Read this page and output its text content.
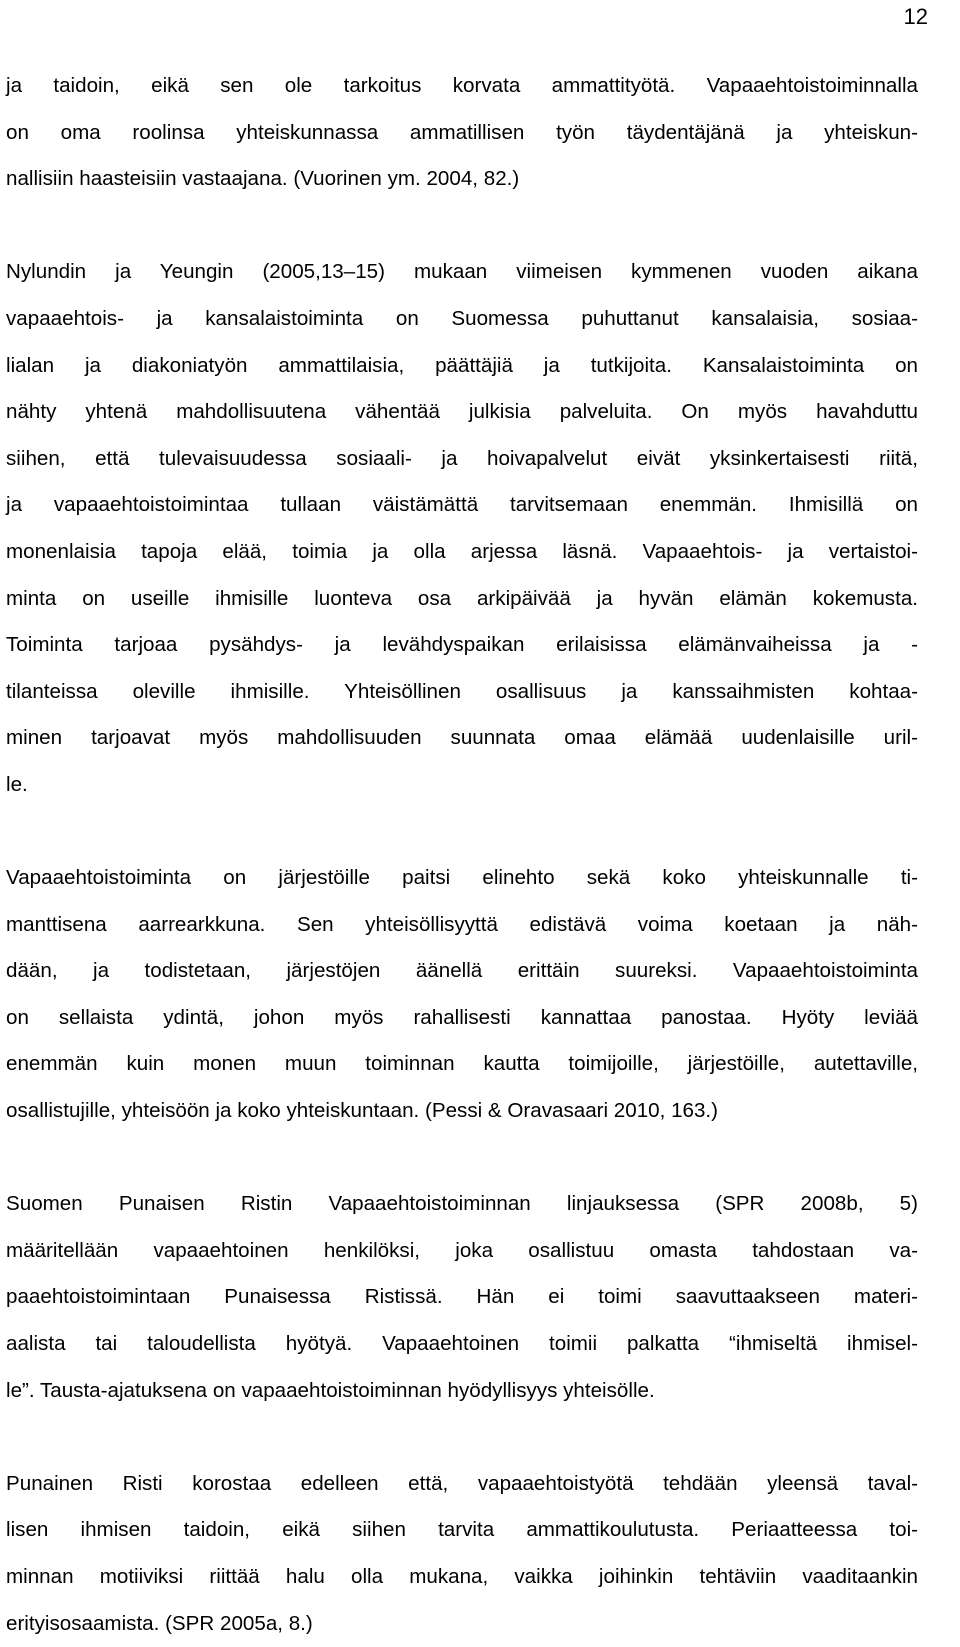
12
ja taidoin, eikä sen ole tarkoitus korvata ammattityötä. Vapaaehtoistoiminnalla
on oma roolinsa yhteiskunnassa ammatillisen työn täydentäjänä ja yhteiskun-
nallisiin haasteisiin vastaajana. (Vuorinen ym. 2004, 82.)
Nylundin ja Yeungin (2005,13–15) mukaan viimeisen kymmenen vuoden aikana
vapaaehtois- ja kansalaistoiminta on Suomessa puhuttanut kansalaisia, sosiaa-
lialan ja diakoniatyön ammattilaisia, päättäjiä ja tutkijoita. Kansalaistoiminta on
nähty yhtenä mahdollisuutena vähentää julkisia palveluita. On myös havahduttu
siihen, että tulevaisuudessa sosiaali- ja hoivapalvelut eivät yksinkertaisesti riitä,
ja vapaaehtoistoimintaa tullaan väistämättä tarvitsemaan enemmän. Ihmisillä on
monenlaisia tapoja elää, toimia ja olla arjessa läsnä. Vapaaehtois- ja vertaistoi-
minta on useille ihmisille luonteva osa arkipäivää ja hyvän elämän kokemusta.
Toiminta tarjoaa pysähdys- ja levähdyspaikan erilaisissa elämänvaiheissa ja -
tilanteissa oleville ihmisille. Yhteisöllinen osallisuus ja kanssaihmisten kohtaa-
minen tarjoavat myös mahdollisuuden suunnata omaa elämää uudenlaisille uril-
le.
Vapaaehtoistoiminta on järjestöille paitsi elinehto sekä koko yhteiskunnalle ti-
manttisena aarrearkkuna. Sen yhteisöllisyyttä edistävä voima koetaan ja näh-
dään, ja todistetaan, järjestöjen äänellä erittäin suureksi. Vapaaehtoistoiminta
on sellaista ydintä, johon myös rahallisesti kannattaa panostaa. Hyöty leviää
enemmän kuin monen muun toiminnan kautta toimijoille, järjestöille, autettaville,
osallistujille, yhteisöön ja koko yhteiskuntaan. (Pessi & Oravasaari 2010, 163.)
Suomen Punaisen Ristin Vapaaehtoistoiminnan linjauksessa (SPR 2008b, 5)
määritellään vapaaehtoinen henkilöksi, joka osallistuu omasta tahdostaan va-
paaehtoistoimintaan Punaisessa Ristissä. Hän ei toimi saavuttaakseen materi-
aalista tai taloudellista hyötyä. Vapaaehtoinen toimii palkatta “ihmiseltä ihmisel-
le”. Tausta-ajatuksena on vapaaehtoistoiminnan hyödyllisyys yhteisölle.
Punainen Risti korostaa edelleen että, vapaaehtoistyötä tehdään yleensä taval-
lisen ihmisen taidoin, eikä siihen tarvita ammattikoulutusta. Periaatteessa toi-
minnan motiiviksi riittää halu olla mukana, vaikka joihinkin tehtäviin vaaditaankin
erityisosaamista. (SPR 2005a, 8.)
